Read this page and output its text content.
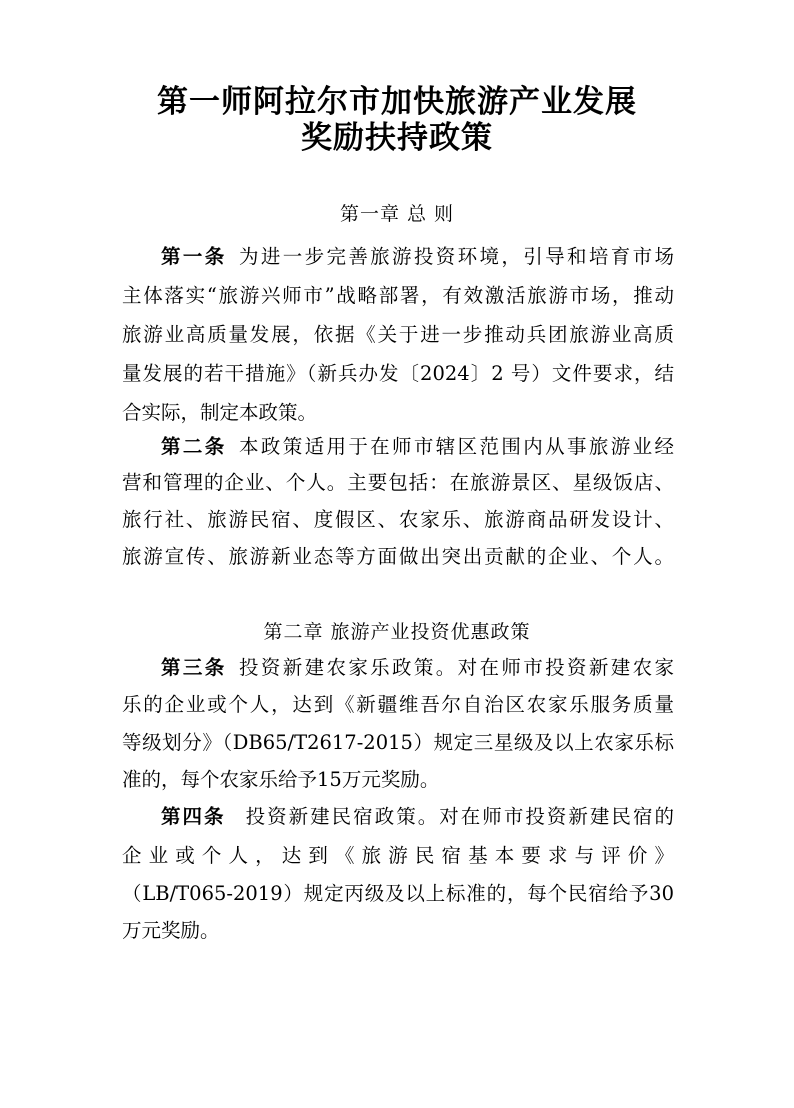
第一师阿拉尔市加快旅游产业发展
奖励扶持政策
第一章 总 则
第一条 为进一步完善旅游投资环境，引导和培育市场
主体落实“旅游兴师市”战略部署，有效激活旅游市场，推动
旅游业高质量发展，依据《关于进一步推动兵团旅游业高质
量发展的若干措施》（新兵办发〔2024〕2 号）文件要求，结
合实际，制定本政策。
第二条 本政策适用于在师市辖区范围内从事旅游业经
营和管理的企业、个人。主要包括：在旅游景区、星级饭店、
旅行社、旅游民宿、度假区、农家乐、旅游商品研发设计、
旅游宣传、旅游新业态等方面做出突出贡献的企业、个人。
第二章 旅游产业投资优惠政策
第三条 投资新建农家乐政策。对在师市投资新建农家
乐的企业或个人，达到《新疆维吾尔自治区农家乐服务质量
等级划分》（DB65/T2617-2015）规定三星级及以上农家乐标
准的，每个农家乐给予15万元奖励。
第四条 投资新建民宿政策。对在师市投资新建民宿的
企业或个人，达到《旅游民宿基本要求与评价》
（LB/T065-2019）规定丙级及以上标准的，每个民宿给予30
万元奖励。
